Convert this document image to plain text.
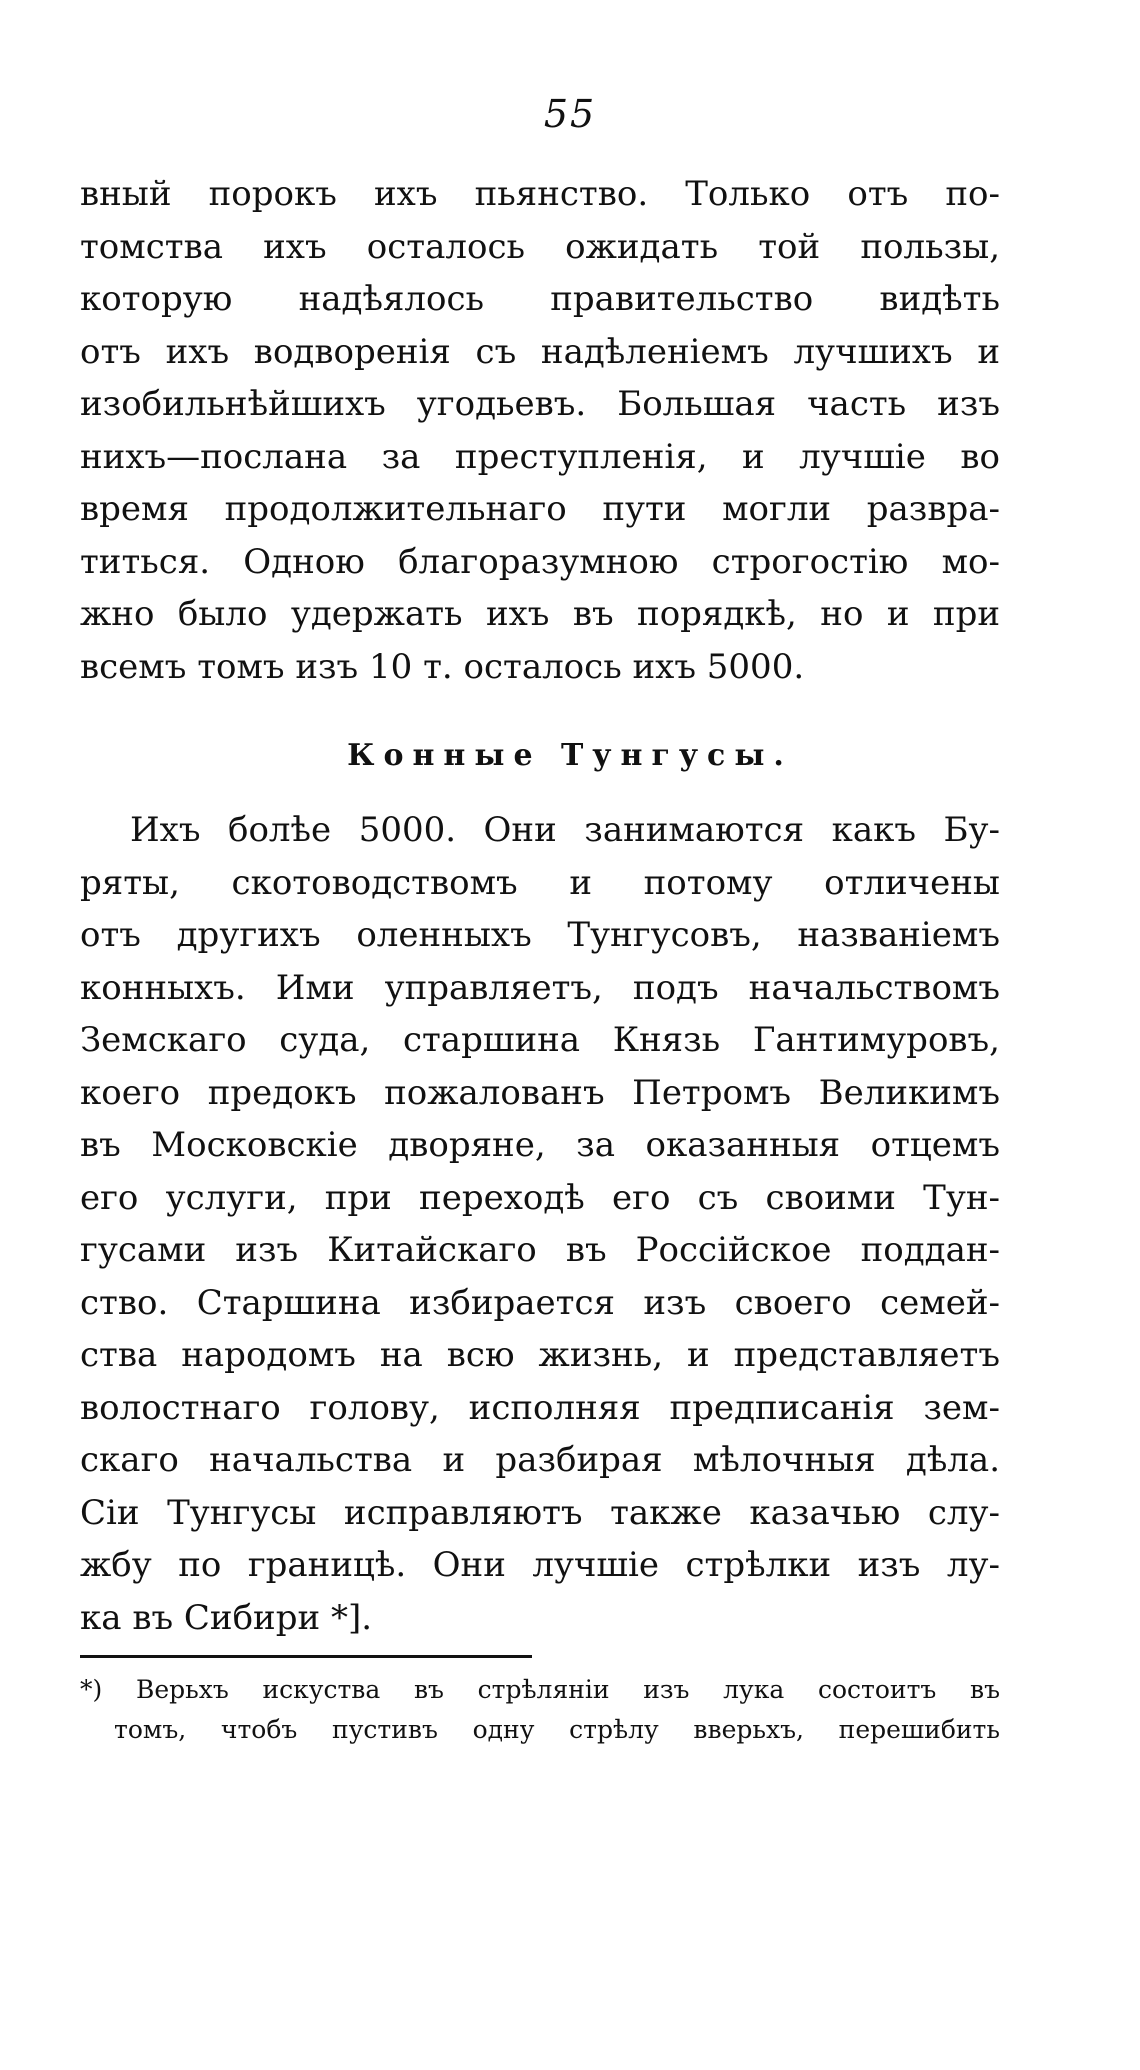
55
вный порокъ ихъ пьянство. Только отъ по-
томства ихъ осталось ожидать той пользы,
которую надѣялось правительство видѣть
отъ ихъ водворенія съ надѣленіемъ лучшихъ и
изобильнѣйшихъ угодьевъ. Большая часть изъ
нихъ—послана за преступленія, и лучшіе во
время продолжительнаго пути могли развра-
титься. Одною благоразумною строгостію мо-
жно было удержать ихъ въ порядкѣ, но и при
всемъ томъ изъ 10 т. осталось ихъ 5000.
Конные Тунгусы.
Ихъ болѣе 5000. Они занимаются какъ Бу-
ряты, скотоводствомъ и потому отличены
отъ другихъ оленныхъ Тунгусовъ, названіемъ
конныхъ. Ими управляетъ, подъ начальствомъ
Земскаго суда, старшина Князь Гантимуровъ,
коего предокъ пожалованъ Петромъ Великимъ
въ Московскіе дворяне, за оказанныя отцемъ
его услуги, при переходѣ его съ своими Тун-
гусами изъ Китайскаго въ Россійское поддан-
ство. Старшина избирается изъ своего семей-
ства народомъ на всю жизнь, и представляетъ
волостнаго голову, исполняя предписанія зем-
скаго начальства и разбирая мѣлочныя дѣла.
Сіи Тунгусы исправляютъ также казачью слу-
жбу по границѣ. Они лучшіе стрѣлки изъ лу-
ка въ Сибири *].
*) Верьхъ искуства въ стрѣляніи изъ лука состоитъ въ
томъ, чтобъ пустивъ одну стрѣлу вверьхъ, перешибить
